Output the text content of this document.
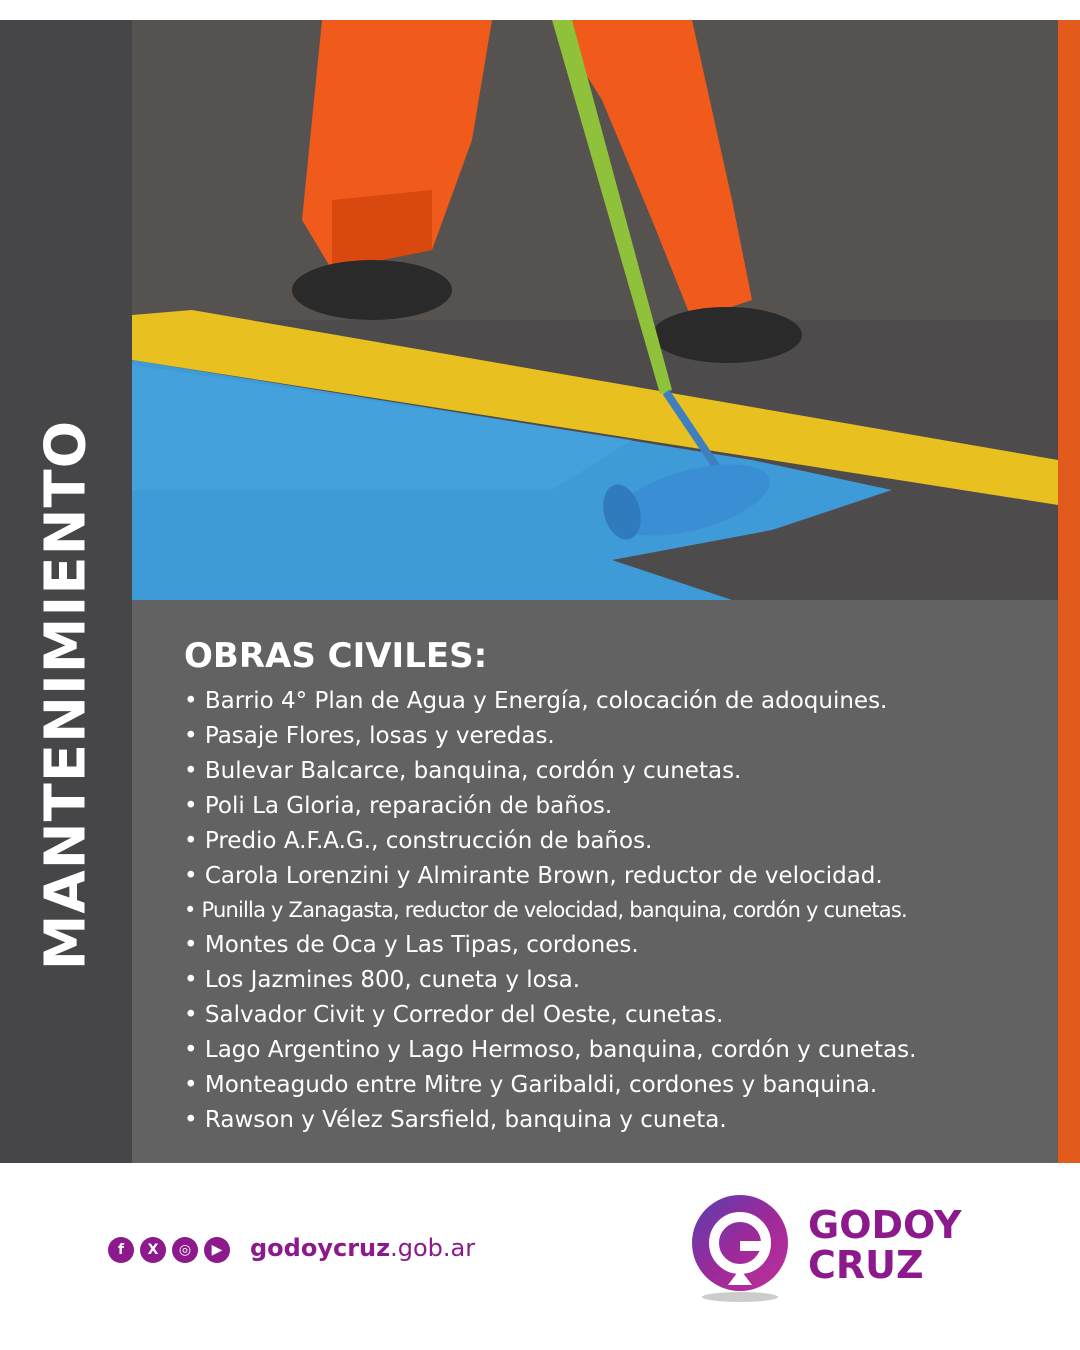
MANTENIMIENTO	OBRAS CIVILES:
• Barrio 4° Plan de Agua y Energía, colocación de adoquines.
• Pasaje Flores, losas y veredas.
• Bulevar Balcarce, banquina, cordón y cunetas.
• Poli La Gloria, reparación de baños.
• Predio A.F.A.G., construcción de baños.
• Carola Lorenzini y Almirante Brown, reductor de velocidad.
• Punilla y Zanagasta, reductor de velocidad, banquina, cordón y cunetas.
• Montes de Oca y Las Tipas, cordones.
• Los Jazmines 800, cuneta y losa.
• Salvador Civit y Corredor del Oeste, cunetas.
• Lago Argentino y Lago Hermoso, banquina, cordón y cunetas.
• Monteagudo entre Mitre y Garibaldi, cordones y banquina.
• Rawson y Vélez Sarsfield, banquina y cuneta.
f	X	◎	▶	godoycruz.gob.ar
GODOY
CRUZ
